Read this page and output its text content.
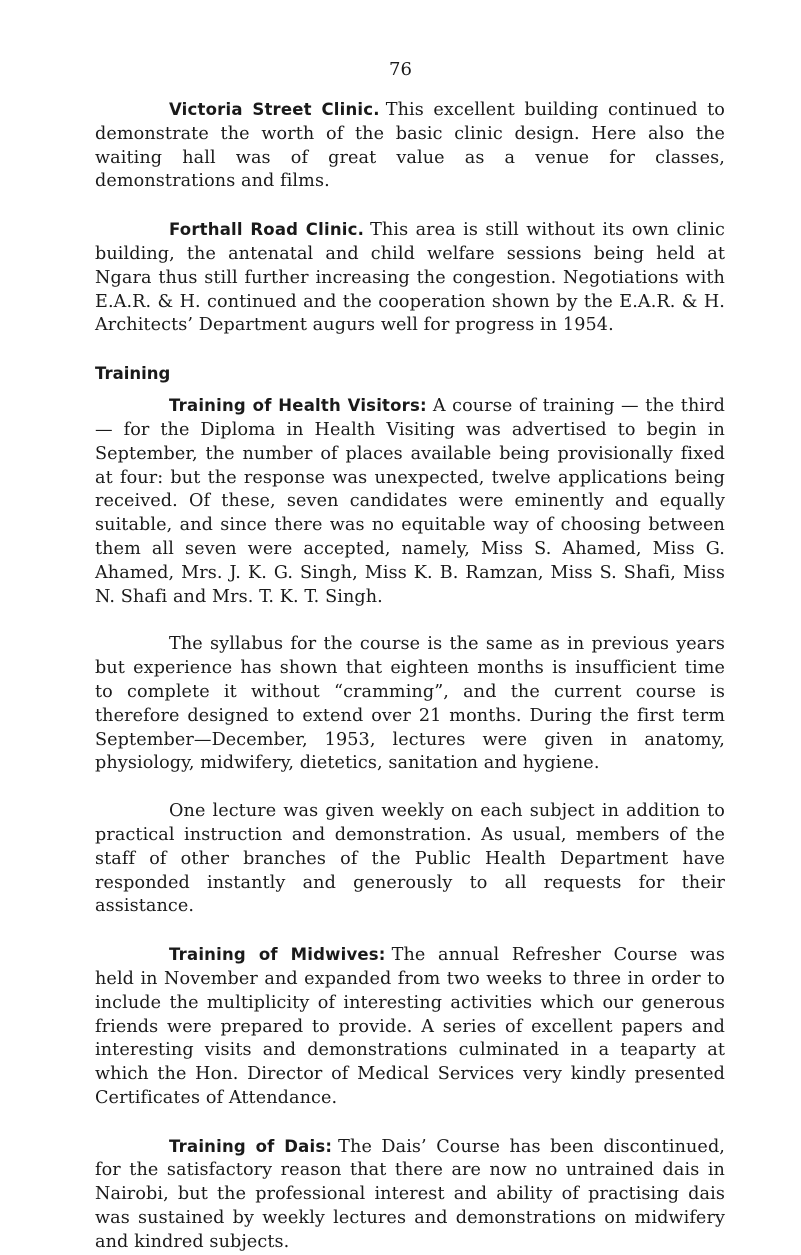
76

Victoria Street Clinic. This excellent building continued to demonstrate the worth of the basic clinic design. Here also the waiting hall was of great value as a venue for classes, demonstrations and films.

Forthall Road Clinic. This area is still without its own clinic building, the antenatal and child welfare sessions being held at Ngara thus still further increasing the congestion. Negotiations with E.A.R. & H. continued and the cooperation shown by the E.A.R. & H. Architects’ Department augurs well for progress in 1954.

Training

Training of Health Visitors: A course of training — the third — for the Diploma in Health Visiting was advertised to begin in September, the number of places available being provisionally fixed at four: but the response was unexpected, twelve applications being received. Of these, seven candidates were eminently and equally suitable, and since there was no equitable way of choosing between them all seven were accepted, namely, Miss S. Ahamed, Miss G. Ahamed, Mrs. J. K. G. Singh, Miss K. B. Ramzan, Miss S. Shafi, Miss N. Shafi and Mrs. T. K. T. Singh.

The syllabus for the course is the same as in previous years but experience has shown that eighteen months is insufficient time to complete it without “cramming”, and the current course is therefore designed to extend over 21 months. During the first term September—December, 1953, lectures were given in anatomy, physiology, midwifery, dietetics, sanitation and hygiene.

One lecture was given weekly on each subject in addition to practical instruction and demonstration. As usual, members of the staff of other branches of the Public Health Department have responded instantly and generously to all requests for their assistance.

Training of Midwives: The annual Refresher Course was held in November and expanded from two weeks to three in order to include the multiplicity of interesting activities which our generous friends were prepared to provide. A series of excellent papers and interesting visits and demonstrations culminated in a teaparty at which the Hon. Director of Medical Services very kindly presented Certificates of Attendance.

Training of Dais: The Dais’ Course has been discontinued, for the satisfactory reason that there are now no untrained dais in Nairobi, but the professional interest and ability of practising dais was sustained by weekly lectures and demonstrations on midwifery and kindred subjects.
